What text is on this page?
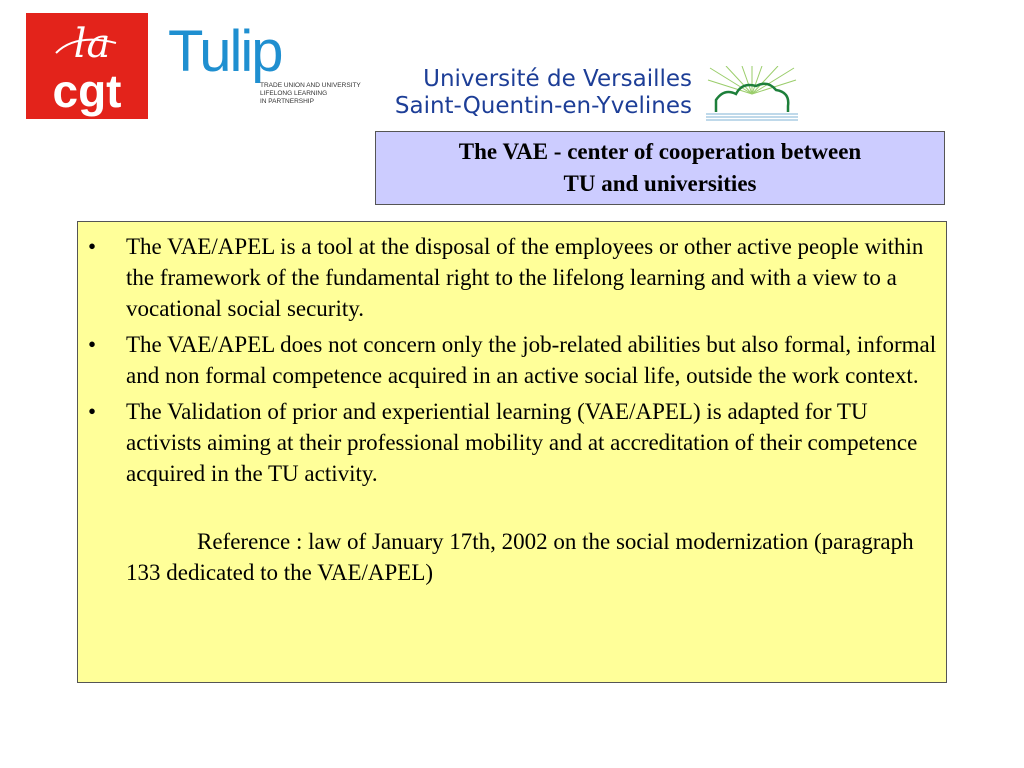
la
cgt
Tulip
TRADE UNION AND UNIVERSITY
LIFELONG LEARNING
IN PARTNERSHIP
Université de Versailles
Saint-Quentin-en-Yvelines
The VAE - center of cooperation between
TU and universities
• The VAE/APEL is a tool at the disposal of the employees or other active people within the framework of the fundamental right to the lifelong learning and with a view to a vocational social security.
• The VAE/APEL does not concern only the job-related abilities but also formal, informal and non formal competence acquired in an active social life, outside the work context.
• The Validation of prior and experiential learning (VAE/APEL) is adapted for TU activists aiming at their professional mobility and at accreditation of their competence acquired in the TU activity.

Reference : law of January 17th, 2002 on the social modernization (paragraph 133 dedicated to the VAE/APEL)
